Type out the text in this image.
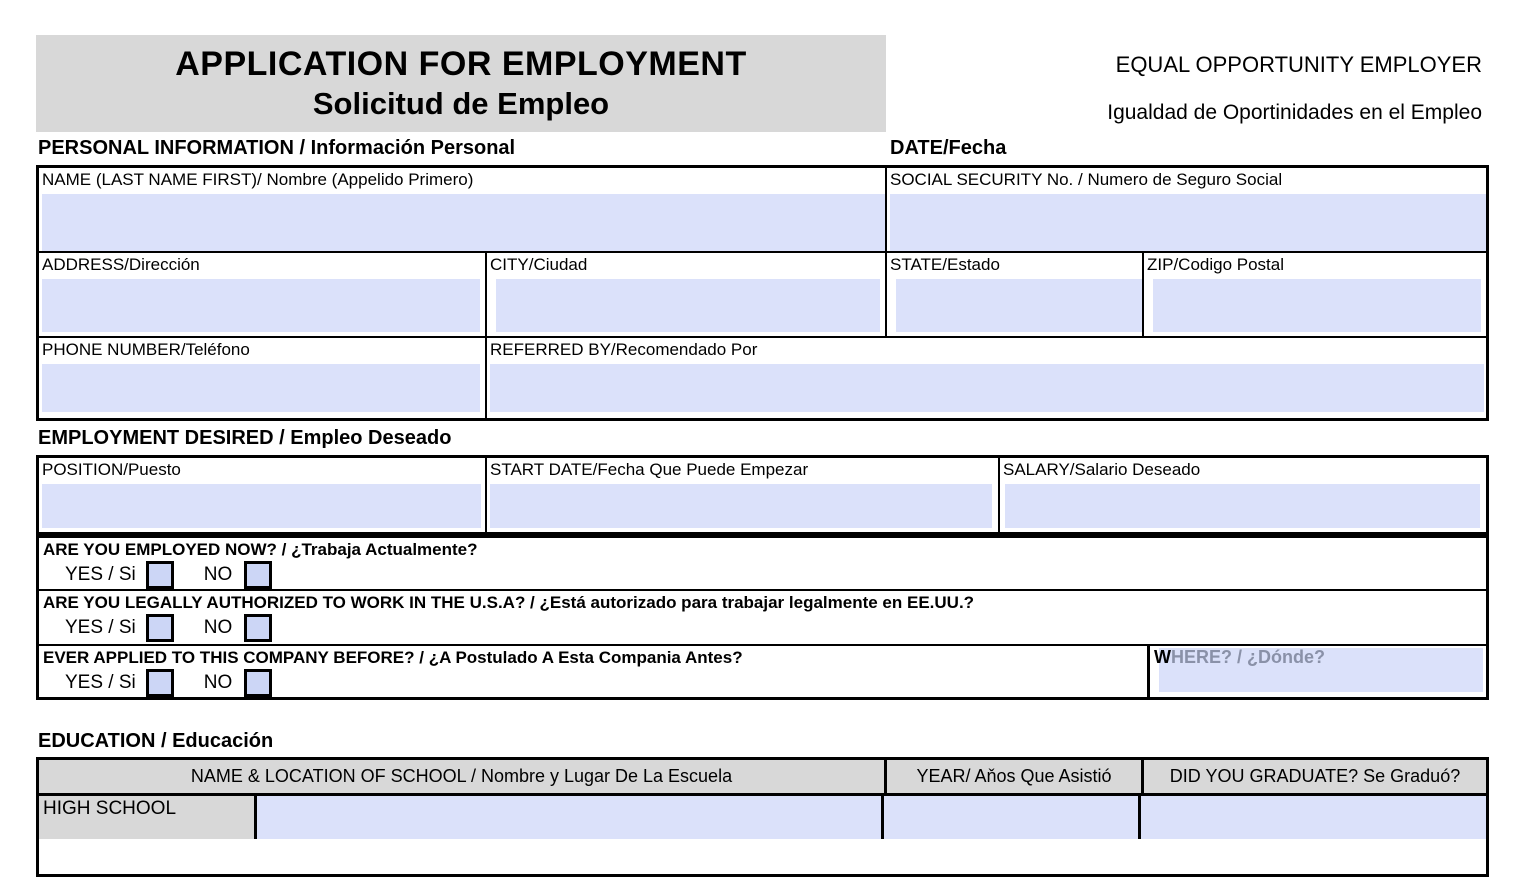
APPLICATION FOR EMPLOYMENT
Solicitud de Empleo
EQUAL OPPORTUNITY EMPLOYER
Igualdad de Oportinidades en el Empleo
PERSONAL INFORMATION / Información Personal	DATE/Fecha
NAME (LAST NAME FIRST)/ Nombre (Appelido Primero)	SOCIAL SECURITY No. / Numero de Seguro Social
ADDRESS/Dirección	CITY/Ciudad	STATE/Estado	ZIP/Codigo Postal
PHONE NUMBER/Teléfono	REFERRED BY/Recomendado Por
EMPLOYMENT DESIRED / Empleo Deseado
POSITION/Puesto	START DATE/Fecha Que Puede Empezar	SALARY/Salario Deseado
ARE YOU EMPLOYED NOW? / ¿Trabaja Actualmente?
YES / Si	NO
ARE YOU LEGALLY AUTHORIZED TO WORK IN THE U.S.A? / ¿Está autorizado para trabajar legalmente en EE.UU.?
YES / Si	NO
EVER APPLIED TO THIS COMPANY BEFORE? / ¿A Postulado A Esta Compania Antes?
YES / Si	NO
WHERE? / ¿Dónde?
EDUCATION / Educación
NAME & LOCATION OF SCHOOL / Nombre y Lugar De La Escuela	YEAR/ Aňos Que Asistió	DID YOU GRADUATE? Se Graduó?
HIGH SCHOOL
